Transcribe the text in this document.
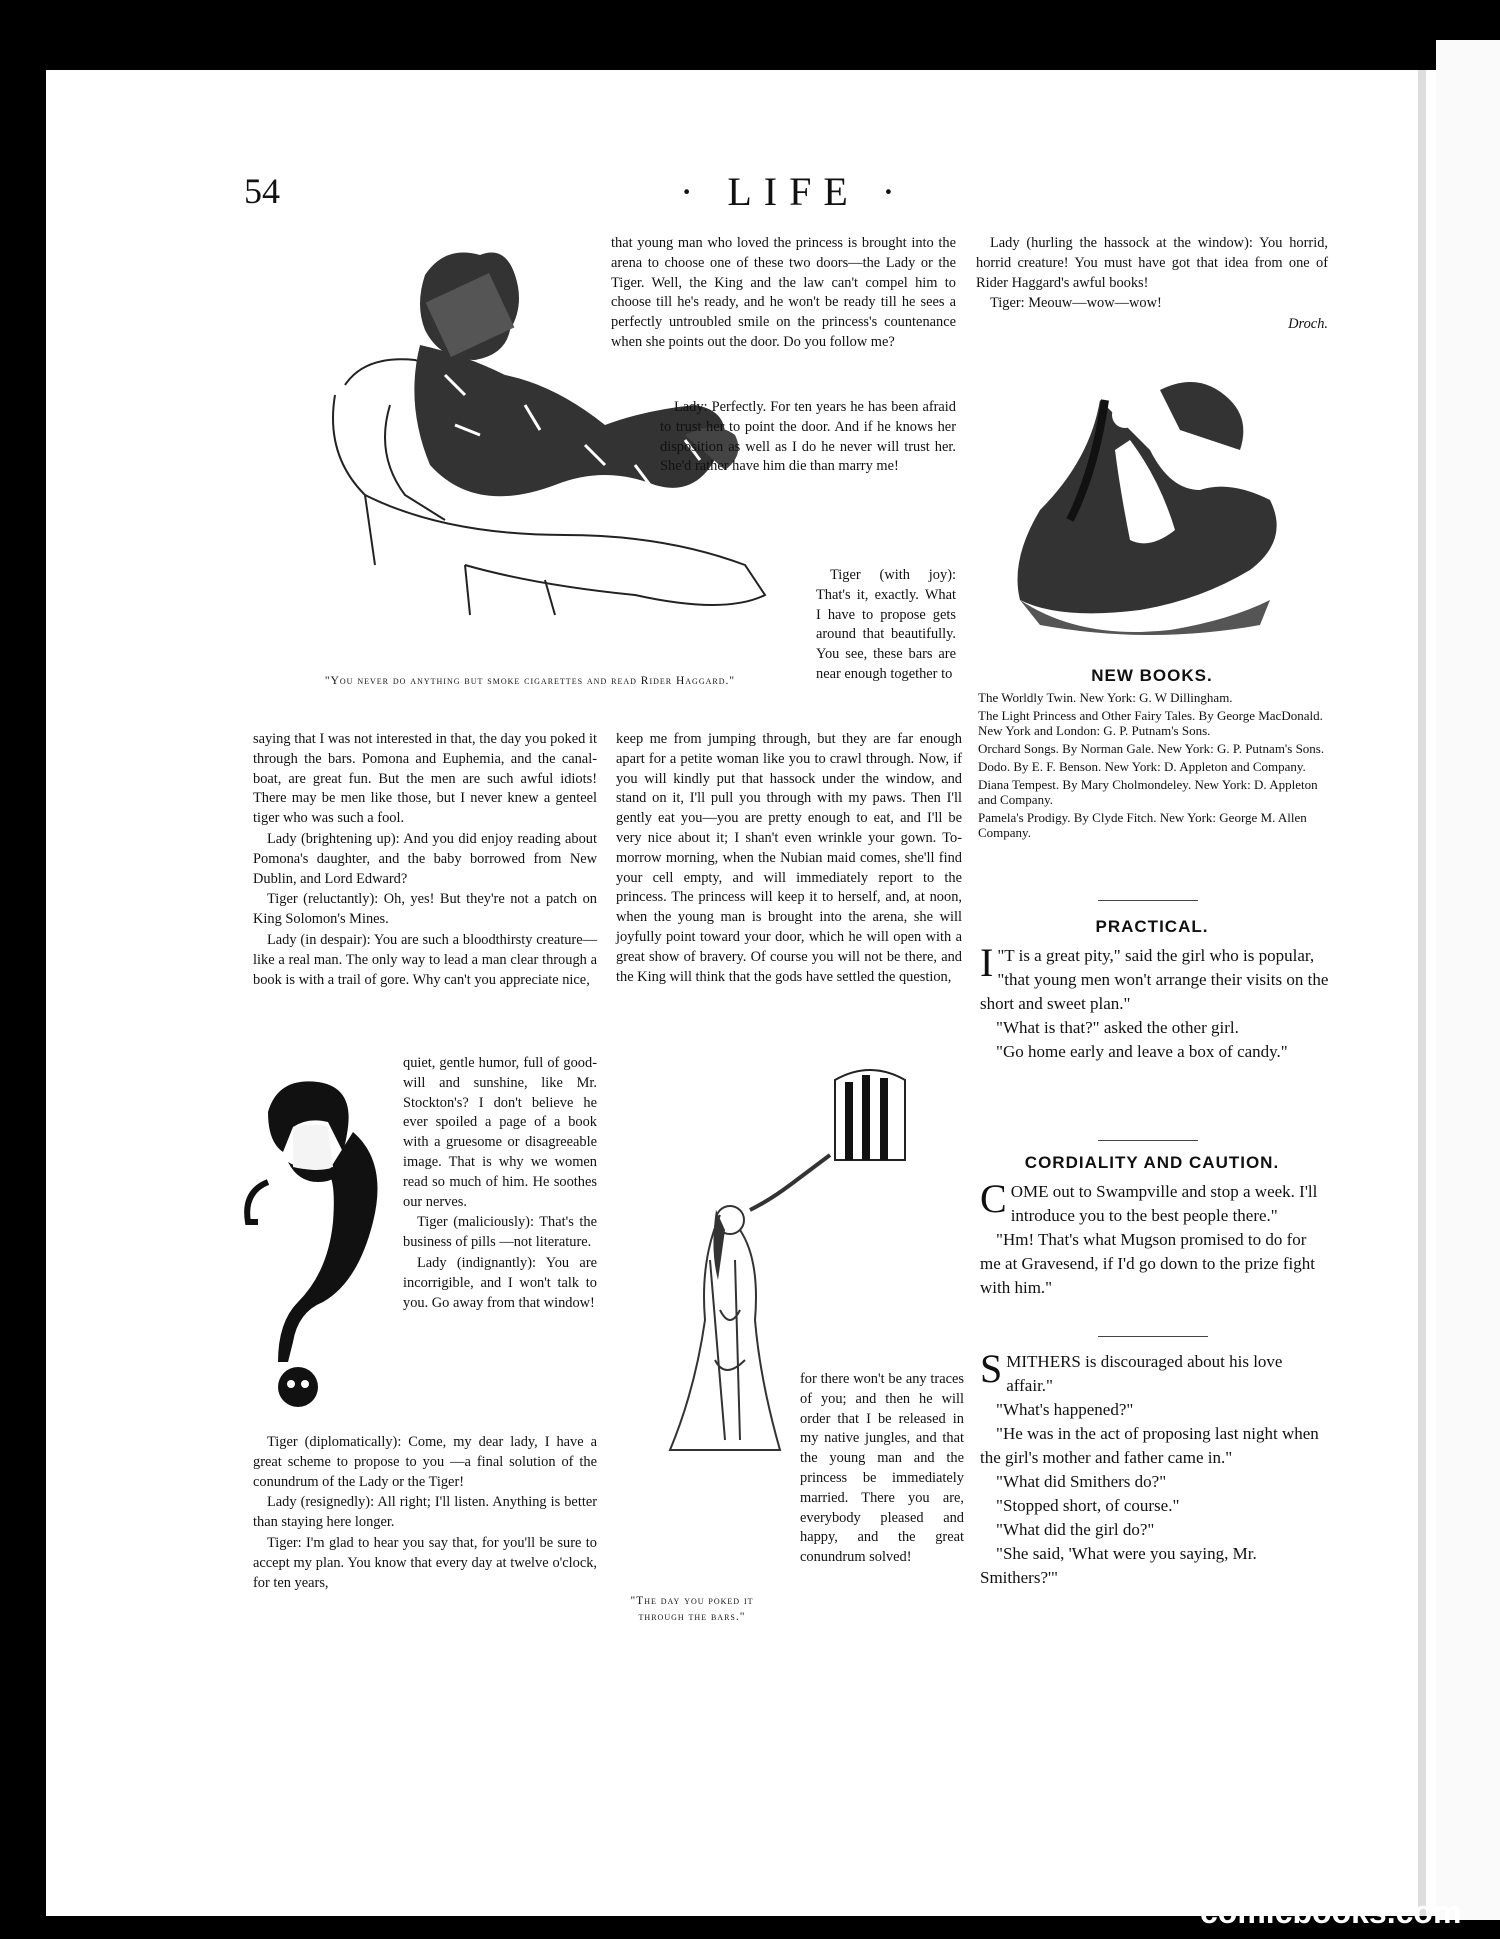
54	· LIFE ·
"You never do anything but smoke cigarettes and read Rider Haggard."

that young man who loved the princess is brought into the arena to choose one of these two doors—the Lady or the Tiger. Well, the King and the law can't compel him to choose till he's ready, and he won't be ready till he sees a perfectly untroubled smile on the princess's countenance when she points out the door. Do you follow me?

Lady: Perfectly. For ten years he has been afraid to trust her to point the door. And if he knows her disposition as well as I do he never will trust her. She'd rather have him die than marry me!

Tiger (with joy): That's it, exactly. What I have to propose gets around that beautifully. You see, these bars are near enough together to

saying that I was not interested in that, the day you poked it through the bars. Pomona and Euphemia, and the canal-boat, are great fun. But the men are such awful idiots! There may be men like those, but I never knew a genteel tiger who was such a fool.

Lady (brightening up): And you did enjoy reading about Pomona's daughter, and the baby borrowed from New Dublin, and Lord Edward?

Tiger (reluctantly): Oh, yes! But they're not a patch on King Solomon's Mines.

Lady (in despair): You are such a bloodthirsty creature—like a real man. The only way to lead a man clear through a book is with a trail of gore. Why can't you appreciate nice,

quiet, gentle humor, full of good-will and sunshine, like Mr. Stockton's? I don't believe he ever spoiled a page of a book with a gruesome or disagreeable image. That is why we women read so much of him. He soothes our nerves.

Tiger (maliciously): That's the business of pills —not literature.

Lady (indignantly): You are incorrigible, and I won't talk to you. Go away from that window!

Tiger (diplomatically): Come, my dear lady, I have a great scheme to propose to you —a final solution of the conundrum of the Lady or the Tiger!

Lady (resignedly): All right; I'll listen. Anything is better than staying here longer.

Tiger: I'm glad to hear you say that, for you'll be sure to accept my plan. You know that every day at twelve o'clock, for ten years,

keep me from jumping through, but they are far enough apart for a petite woman like you to crawl through. Now, if you will kindly put that hassock under the window, and stand on it, I'll pull you through with my paws. Then I'll gently eat you—you are pretty enough to eat, and I'll be very nice about it; I shan't even wrinkle your gown. To-morrow morning, when the Nubian maid comes, she'll find your cell empty, and will immediately report to the princess. The princess will keep it to herself, and, at noon, when the young man is brought into the arena, she will joyfully point toward your door, which he will open with a great show of bravery. Of course you will not be there, and the King will think that the gods have settled the question,

"The day you poked it through the bars."

for there won't be any traces of you; and then he will order that I be released in my native jungles, and that the young man and the princess be immediately married. There you are, everybody pleased and happy, and the great conundrum solved!

Lady (hurling the hassock at the window): You horrid, horrid creature! You must have got that idea from one of Rider Haggard's awful books!

Tiger: Meouw—wow—wow!

Droch.

NEW BOOKS.

The Worldly Twin. New York: G. W Dillingham.

The Light Princess and Other Fairy Tales. By George MacDonald. New York and London: G. P. Putnam's Sons.

Orchard Songs. By Norman Gale. New York: G. P. Putnam's Sons.

Dodo. By E. F. Benson. New York: D. Appleton and Company.

Diana Tempest. By Mary Cholmondeley. New York: D. Appleton and Company.

Pamela's Prodigy. By Clyde Fitch. New York: George M. Allen Company.

PRACTICAL.

I "T is a great pity," said the girl who is popular, "that young men won't arrange their visits on the short and sweet plan."

"What is that?" asked the other girl.

"Go home early and leave a box of candy."

CORDIALITY AND CAUTION.

COME out to Swampville and stop a week. I'll introduce you to the best people there."

"Hm! That's what Mugson promised to do for me at Gravesend, if I'd go down to the prize fight with him."

SMITHERS is discouraged about his love affair."

"What's happened?"

"He was in the act of proposing last night when the girl's mother and father came in."

"What did Smithers do?"

"Stopped short, of course."

"What did the girl do?"

"She said, 'What were you saying, Mr. Smithers?'"

comicbooks.com
